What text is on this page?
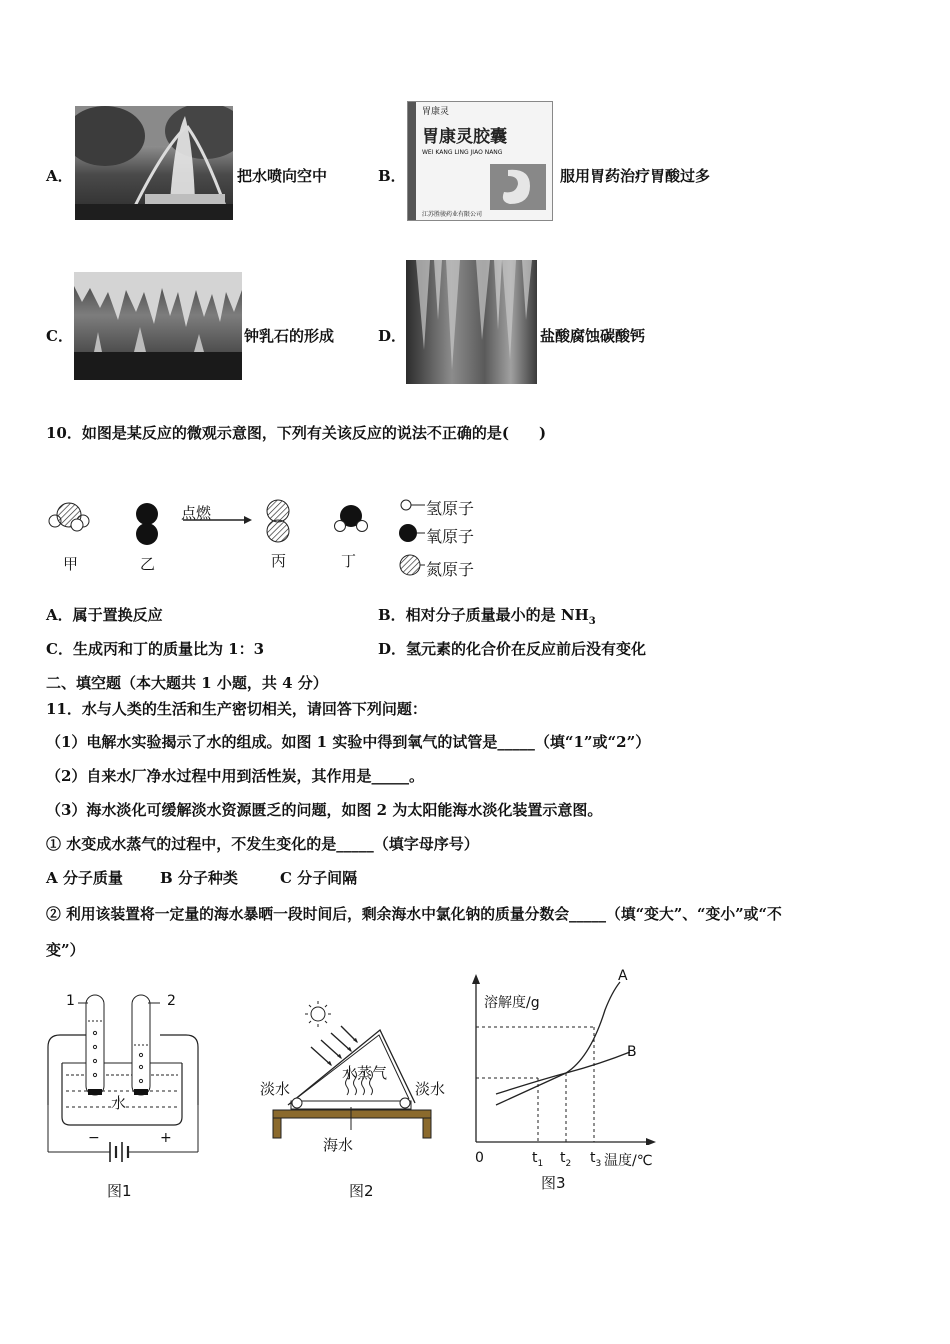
A．	把水喷向空中	B．
胃康灵
胃康灵胶囊
WEI KANG LING JIAO NANG
江苏胜骏药业有限公司
服用胃药治疗胃酸过多
C．	钟乳石的形成	D．	盐酸腐蚀碳酸钙
10．如图是某反应的微观示意图，下列有关该反应的说法不正确的是(　　)
点燃
甲	乙	丙	丁
氢原子
氧原子
氮原子
A．属于置换反应	B．相对分子质量最小的是 $NH_3$
C．生成丙和丁的质量比为 1：3	D．氢元素的化合价在反应前后没有变化
二、填空题（本大题共 1 小题，共 4 分）
11．水与人类的生活和生产密切相关，请回答下列问题：
（1）电解水实验揭示了水的组成。如图 1 实验中得到氧气的试管是_____（填“1”或“2”）
（2）自来水厂净水过程中用到活性炭，其作用是_____。
（3）海水淡化可缓解淡水资源匮乏的问题，如图 2 为太阳能海水淡化装置示意图。
① 水变成水蒸气的过程中，不发生变化的是_____（填字母序号）
A 分子质量 B 分子种类	C 分子间隔
② 利用该装置将一定量的海水暴晒一段时间后，剩余海水中氯化钠的质量分数会_____（填“变大”、“变小”或“不
变”）
1	2
水
−	+
图1
淡水	淡水
水蒸气
海水
图2
溶解度/g
A
B
0	$t_1$ $t_2$ $t_3$ 温度/℃
图3
